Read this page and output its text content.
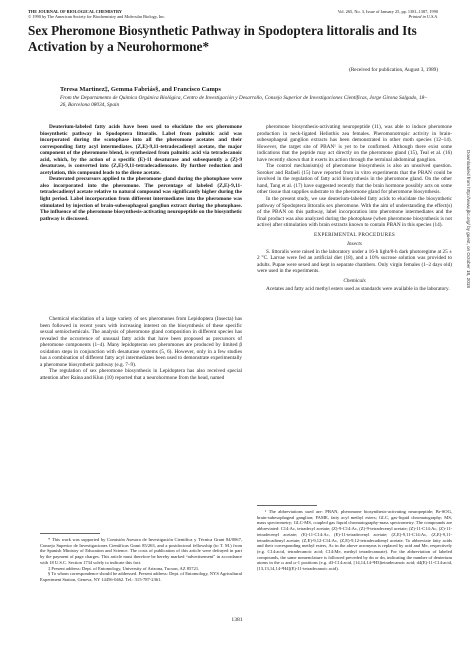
THE JOURNAL OF BIOLOGICAL CHEMISTRY
© 1990 by The American Society for Biochemistry and Molecular Biology, Inc.
Vol. 265, No. 3, Issue of January 25, pp. 1381–1387, 1990
Printed in U.S.A.
Sex Pheromone Biosynthetic Pathway in Spodoptera littoralis and Its Activation by a Neurohormone*
(Received for publication, August 3, 1989)
Teresa Martinez‡, Gemma Fabriás§, and Francisco Camps
From the Departamento de Química Orgánica Biológica, Centro de Investigación y Desarrollo, Consejo Superior de Investigaciones Científicas, Jorge Girona Salgado, 18–26, Barcelona 08034, Spain

Deuterium-labeled fatty acids have been used to elucidate the sex pheromone biosynthetic pathway in Spodoptera littoralis. Label from palmitic acid was incorporated during the scotophase into all the pheromone acetates and their corresponding fatty acyl intermediates. (Z,E)-9,11-tetradecadienyl acetate, the major component of the pheromone blend, is synthesized from palmitic acid via tetradecanoic acid, which, by the action of a specific (E)-11 desaturase and subsequently a (Z)-9 desaturase, is converted into (Z,E)-9,11-tetradecadienoate. By further reduction and acetylation, this compound leads to the diene acetate.

Deuterated precursors applied to the pheromone gland during the photophase were also incorporated into the pheromone. The percentage of labeled (Z,E)-9,11-tetradecadienyl acetate relative to natural compound was significantly higher during the light period. Label incorporation from different intermediates into the pheromone was stimulated by injection of brain-subesophageal ganglion extract during the photophase. The influence of the pheromone biosynthesis-activating neuropeptide on the biosynthetic pathway is discussed.

Chemical elucidation of a large variety of sex pheromones from Lepidoptera (Insecta) has been followed in recent years with increasing interest on the biosynthesis of these specific sexual semiochemicals. The analysis of pheromone gland composition in different species has revealed the occurrence of unusual fatty acids that have been proposed as precursors of pheromone components (1–4). Many lepidopteran sex pheromones are produced by limited β oxidation steps in conjunction with desaturase systems (5, 6). However, only in a few studies has a combination of different fatty acyl intermediates been used to demonstrate experimentally a pheromone biosynthetic pathway (e.g. 7–9).

The regulation of sex pheromone biosynthesis in Lepidoptera has also received special attention after Raina and Klun (10) reported that a neurohormone from the head, named

* This work was supported by Comisión Asesora de Investigación Científica y Técnica Grant 84/0067, Consejo Superior de Investigaciones Científicas Grant 85/263, and a postdoctoral fellowship (to T. M.) from the Spanish Ministry of Education and Science. The costs of publication of this article were defrayed in part by the payment of page charges. This article must therefore be hereby marked “advertisement” in accordance with 18 U.S.C. Section 1734 solely to indicate this fact.

‡ Present address: Dept. of Entomology, University of Arizona, Tucson, AZ 85721.

§ To whom correspondence should be addressed. Present address: Dept. of Entomology, NYS Agricultural Experiment Station, Geneva, NY 14456-0462. Tel.: 315-787-2361.

pheromone biosynthesis-activating neuropeptide (11), was able to induce pheromone production in neck-ligated Heliothis zea females. Pheromonotropic activity in brain-subesophageal ganglion extracts has been demonstrated in other moth species (12–14). However, the target site of PBAN¹ is yet to be confirmed. Although there exist some indications that the peptide may act directly on the pheromone gland (15), Teal et al. (16) have recently shown that it exerts its action through the terminal abdominal ganglion.

The control mechanism(s) of pheromone biosynthesis is also an unsolved question. Soroker and Rafaeli (15) have reported from in vitro experiments that the PBAN could be involved in the regulation of fatty acid biosynthesis in the pheromone gland. On the other hand, Tang et al. (17) have suggested recently that the brain hormone possibly acts on some other tissue that supplies substrate to the pheromone gland for pheromone biosynthesis.

In the present study, we use deuterium-labeled fatty acids to elucidate the biosynthetic pathway of Spodoptera littoralis sex pheromone. With the aim of understanding the effect(s) of the PBAN on this pathway, label incorporation into pheromone intermediates and the final product was also analyzed during the photophase (when pheromone biosynthesis is not active) after stimulation with brain extracts known to contain PBAN in this species (14).

EXPERIMENTAL PROCEDURES
Insects

S. littoralis were raised in the laboratory under a 16-h light/8-h dark photoregime at 25 ± 2 °C. Larvae were fed an artificial diet (18), and a 10% sucrose solution was provided to adults. Pupae were sexed and kept in separate chambers. Only virgin females (1–2 days old) were used in the experiments.

Chemicals

Acetates and fatty acid methyl esters used as standards were available in the laboratory.

¹ The abbreviations used are: PBAN, pheromone biosynthesis-activating neuropeptide; Br-SOG, brain-subesophageal ganglion; FAME, fatty acyl methyl esters; GLC, gas-liquid chromatography; MS, mass spectrometry; GLC-MS, coupled gas liquid chromatography-mass spectrometry. The compounds are abbreviated: C14:Ac, tetradecyl acetate; (Z)-9-C14:Ac, (Z)-9-tetradecenyl acetate; (Z)-11-C14:Ac, (Z)-11-tetradecenyl acetate; (E)-11-C14:Ac, (E)-11-tetradecenyl acetate; (Z,E)-9,11-C14:Ac, (Z,E)-9,11-tetradecadienyl acetate; (Z,E)-9,12-C14:Ac, (Z,E)-9,12-tetradecadienyl acetate. To abbreviate fatty acids and their corresponding methyl esters, Ac in the above acronyms is replaced by acid and Me, respectively (e.g. C14:acid, tetradecanoic acid; C14:Me, methyl tetradecanoate). For the abbreviation of labeled compounds, the same nomenclature is followed preceded by dn or dn, indicating the number of deuterium atoms in the ω and ω-1 positions (e.g. d3-C14:acid, [14,14,14-²H3]tetradecanoic acid; d4(E)-11-C14:acid, [13,13,14,14-²H4](E)-11-tetradecanoic acid).

1381
Downloaded from http://www.jbc.org/ by guest, on October 18, 2018
